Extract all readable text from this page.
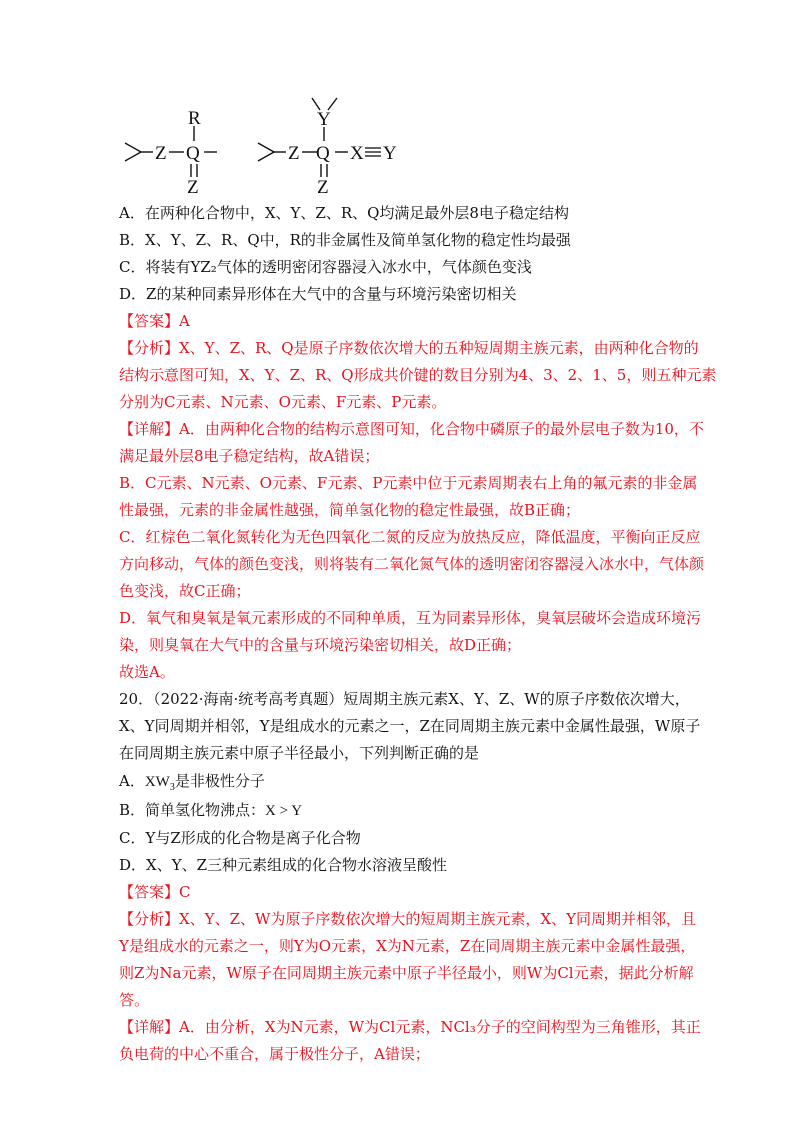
Z Q
R
Z
Z Q
Y
X Y
Z
A．在两种化合物中，X、Y、Z、R、Q均满足最外层8电子稳定结构
B．X、Y、Z、R、Q中，R的非金属性及简单氢化物的稳定性均最强
C．将装有YZ₂气体的透明密闭容器浸入冰水中，气体颜色变浅
D．Z的某种同素异形体在大气中的含量与环境污染密切相关
【答案】A
【分析】X、Y、Z、R、Q是原子序数依次增大的五种短周期主族元素，由两种化合物的
结构示意图可知，X、Y、Z、R、Q形成共价键的数目分别为4、3、2、1、5，则五种元素
分别为C元素、N元素、O元素、F元素、P元素。
【详解】A．由两种化合物的结构示意图可知，化合物中磷原子的最外层电子数为10，不
满足最外层8电子稳定结构，故A错误；
B．C元素、N元素、O元素、F元素、P元素中位于元素周期表右上角的氟元素的非金属
性最强，元素的非金属性越强，简单氢化物的稳定性最强，故B正确；
C．红棕色二氧化氮转化为无色四氧化二氮的反应为放热反应，降低温度，平衡向正反应
方向移动，气体的颜色变浅，则将装有二氧化氮气体的透明密闭容器浸入冰水中，气体颜
色变浅，故C正确；
D．氧气和臭氧是氧元素形成的不同种单质，互为同素异形体，臭氧层破坏会造成环境污
染，则臭氧在大气中的含量与环境污染密切相关，故D正确；
故选A。
20．（2022·海南·统考高考真题）短周期主族元素X、Y、Z、W的原子序数依次增大，
X、Y同周期并相邻，Y是组成水的元素之一，Z在同周期主族元素中金属性最强，W原子
在同周期主族元素中原子半径最小，下列判断正确的是
A．$XW_3$是非极性分子
B．简单氢化物沸点：X > Y
C．Y与Z形成的化合物是离子化合物
D．X、Y、Z三种元素组成的化合物水溶液呈酸性
【答案】C
【分析】X、Y、Z、W为原子序数依次增大的短周期主族元素，X、Y同周期并相邻，且
Y是组成水的元素之一，则Y为O元素，X为N元素，Z在同周期主族元素中金属性最强，
则Z为Na元素，W原子在同周期主族元素中原子半径最小，则W为Cl元素，据此分析解
答。
【详解】A．由分析，X为N元素，W为Cl元素，NCl₃分子的空间构型为三角锥形，其正
负电荷的中心不重合，属于极性分子，A错误；
